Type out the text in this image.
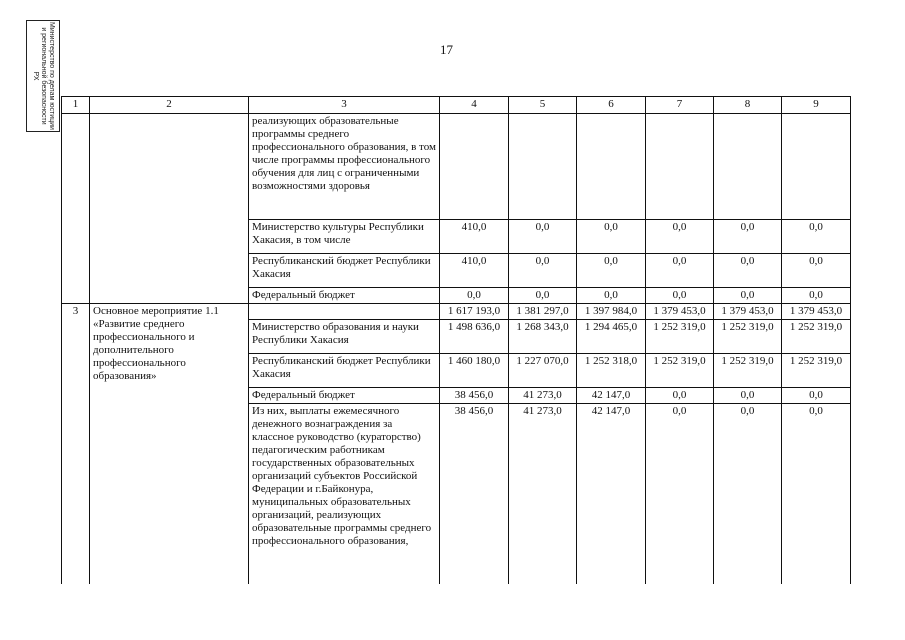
Министерство по делам юстиции и региональной безопасности РХ
17
1	2	3	4	5	6	7	8	9
		реализующих образовательные программы среднего профессионального образования, в том числе программы профессионального обучения для лиц с ограниченными возможностями здоровья						
		Министерство культуры Республики Хакасия, в том числе	410,0	0,0	0,0	0,0	0,0	0,0
		Республиканский бюджет Республики Хакасия	410,0	0,0	0,0	0,0	0,0	0,0
		Федеральный бюджет	0,0	0,0	0,0	0,0	0,0	0,0
3	Основное мероприятие 1.1 «Развитие среднего профессионального и дополнительного профессионального образования»		1 617 193,0	1 381 297,0	1 397 984,0	1 379 453,0	1 379 453,0	1 379 453,0
		Министерство образования и науки Республики Хакасия	1 498 636,0	1 268 343,0	1 294 465,0	1 252 319,0	1 252 319,0	1 252 319,0
		Республиканский бюджет Республики Хакасия	1 460 180,0	1 227 070,0	1 252 318,0	1 252 319,0	1 252 319,0	1 252 319,0
		Федеральный бюджет	38 456,0	41 273,0	42 147,0	0,0	0,0	0,0
		Из них, выплаты ежемесячного денежного вознаграждения за классное руководство (кураторство) педагогическим работникам государственных образовательных организаций субъектов Российской Федерации и г.Байконура, муниципальных образовательных организаций, реализующих образовательные программы среднего профессионального образования,	38 456,0	41 273,0	42 147,0	0,0	0,0	0,0
